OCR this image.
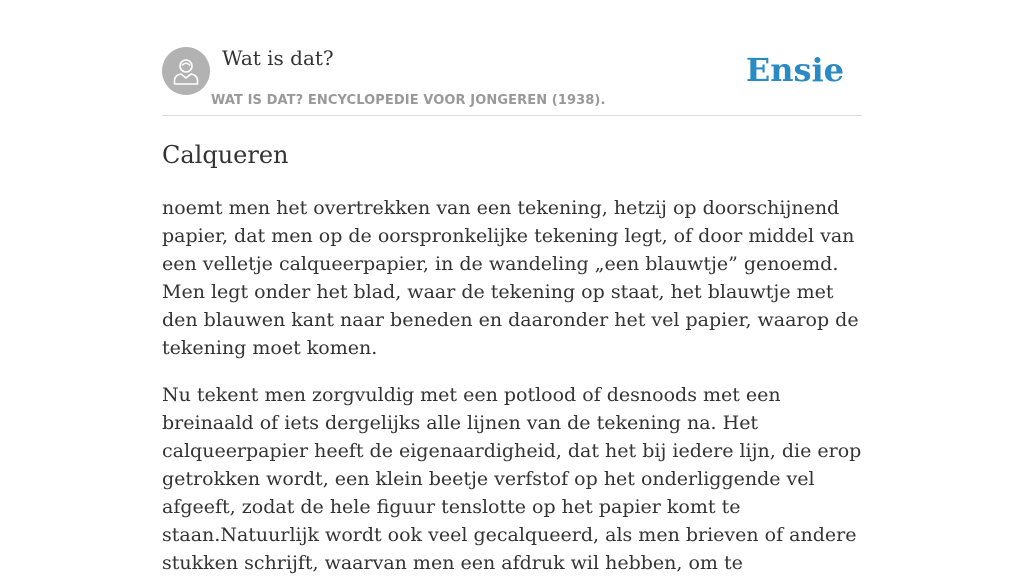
Wat is dat?
WAT IS DAT? ENCYCLOPEDIE VOOR JONGEREN (1938).
Ensie
Calqueren

noemt men het overtrekken van een tekening, hetzij op doorschijnend papier, dat men op de oorspronkelijke tekening legt, of door middel van een velletje calqueerpapier, in de wandeling „een blauwtje” genoemd. Men legt onder het blad, waar de tekening op staat, het blauwtje met den blauwen kant naar beneden en daaronder het vel papier, waarop de tekening moet komen.

Nu tekent men zorgvuldig met een potlood of desnoods met een breinaald of iets dergelijks alle lijnen van de tekening na. Het calqueerpapier heeft de eigenaardigheid, dat het bij iedere lijn, die erop getrokken wordt, een klein beetje verfstof op het onderliggende vel afgeeft, zodat de hele figuur tenslotte op het papier komt te staan.Natuurlijk wordt ook veel gecalqueerd, als men brieven of andere stukken schrijft, waarvan men een afdruk wil hebben, om te
